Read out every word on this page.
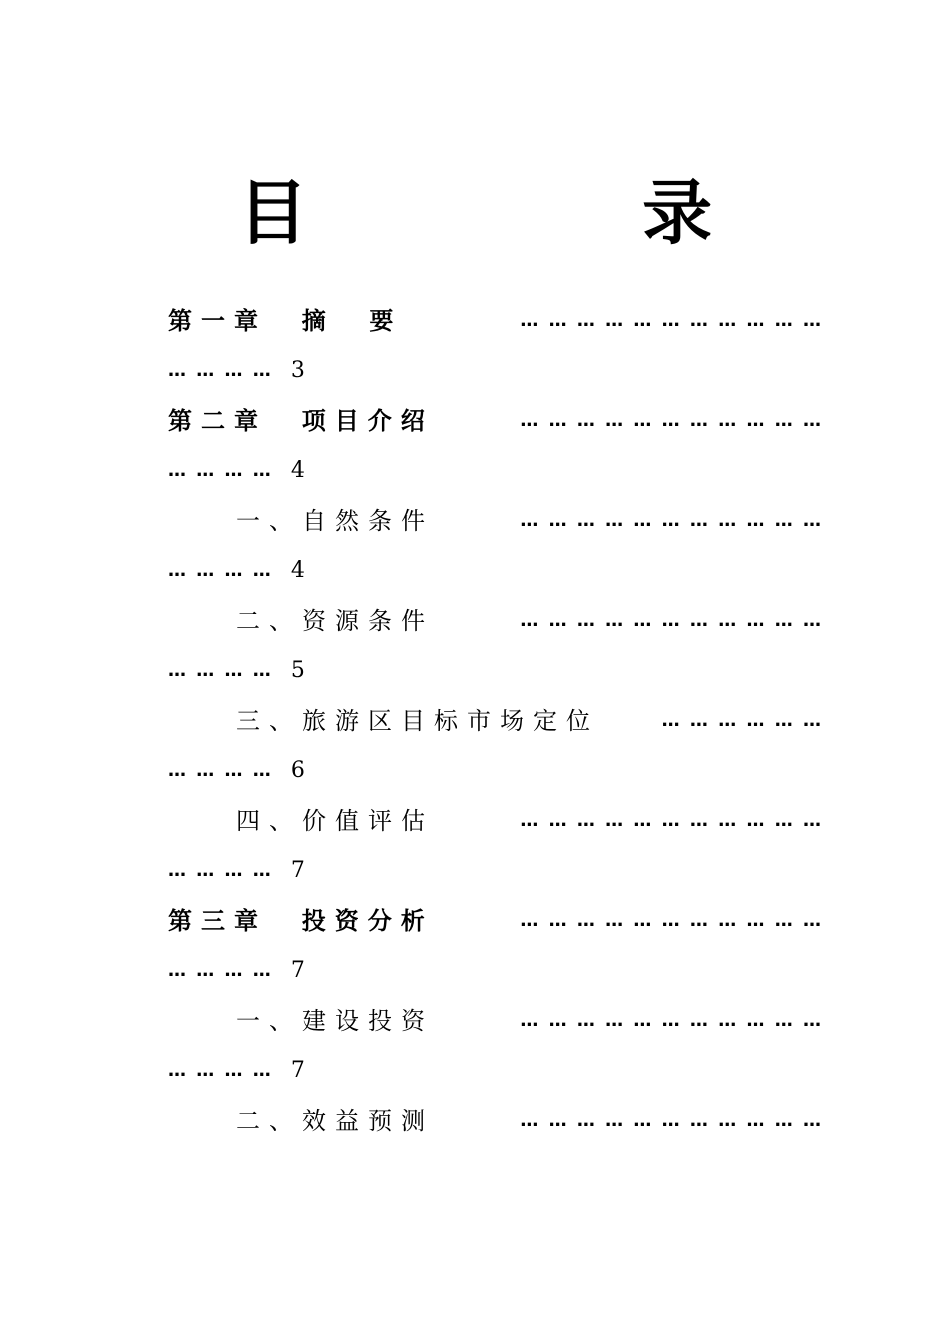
目 录
第一章  摘  要	… … … … … … … … … … …
… … … … 3
第二章  项目介绍	… … … … … … … … … … …
… … … … 4
一、自然条件	… … … … … … … … … … …
… … … … 4
二、资源条件	… … … … … … … … … … …
… … … … 5
三、旅游区目标市场定位	… … … … … …
… … … … 6
四、价值评估	… … … … … … … … … … …
… … … … 7
第三章  投资分析	… … … … … … … … … … …
… … … … 7
一、建设投资	… … … … … … … … … … …
… … … … 7
二、效益预测	… … … … … … … … … … …
